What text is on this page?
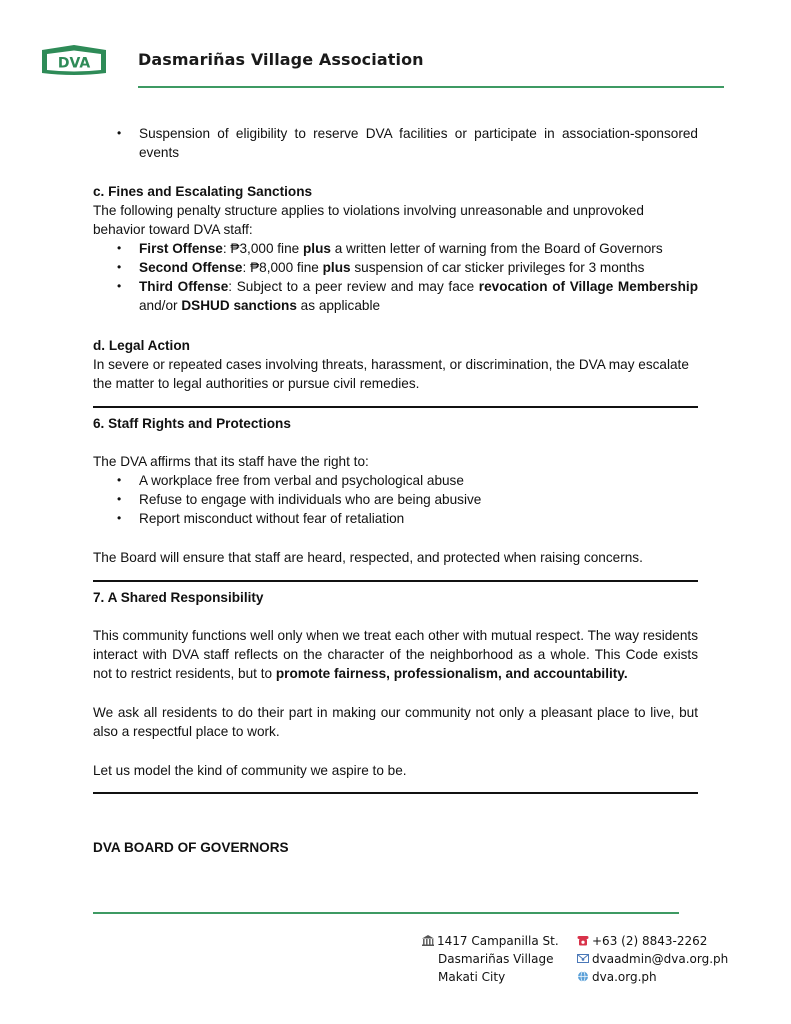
DVA	Dasmariñas Village Association
• Suspension of eligibility to reserve DVA facilities or participate in association-sponsored events

c. Fines and Escalating Sanctions

The following penalty structure applies to violations involving unreasonable and unprovoked behavior toward DVA staff:

• First Offense: ₱3,000 fine plus a written letter of warning from the Board of Governors
• Second Offense: ₱8,000 fine plus suspension of car sticker privileges for 3 months
• Third Offense: Subject to a peer review and may face revocation of Village Membership and/or DSHUD sanctions as applicable

d. Legal Action

In severe or repeated cases involving threats, harassment, or discrimination, the DVA may escalate the matter to legal authorities or pursue civil remedies.

6. Staff Rights and Protections

The DVA affirms that its staff have the right to:

• A workplace free from verbal and psychological abuse
• Refuse to engage with individuals who are being abusive
• Report misconduct without fear of retaliation
The Board will ensure that staff are heard, respected, and protected when raising concerns.

7. A Shared Responsibility

This community functions well only when we treat each other with mutual respect. The way residents interact with DVA staff reflects on the character of the neighborhood as a whole. This Code exists not to restrict residents, but to promote fairness, professionalism, and accountability.
We ask all residents to do their part in making our community not only a pleasant place to live, but also a respectful place to work.
Let us model the kind of community we aspire to be.
DVA BOARD OF GOVERNORS
1417 Campanilla St.
Dasmariñas Village
Makati City
+63 (2) 8843-2262
dvaadmin@dva.org.ph
dva.org.ph
